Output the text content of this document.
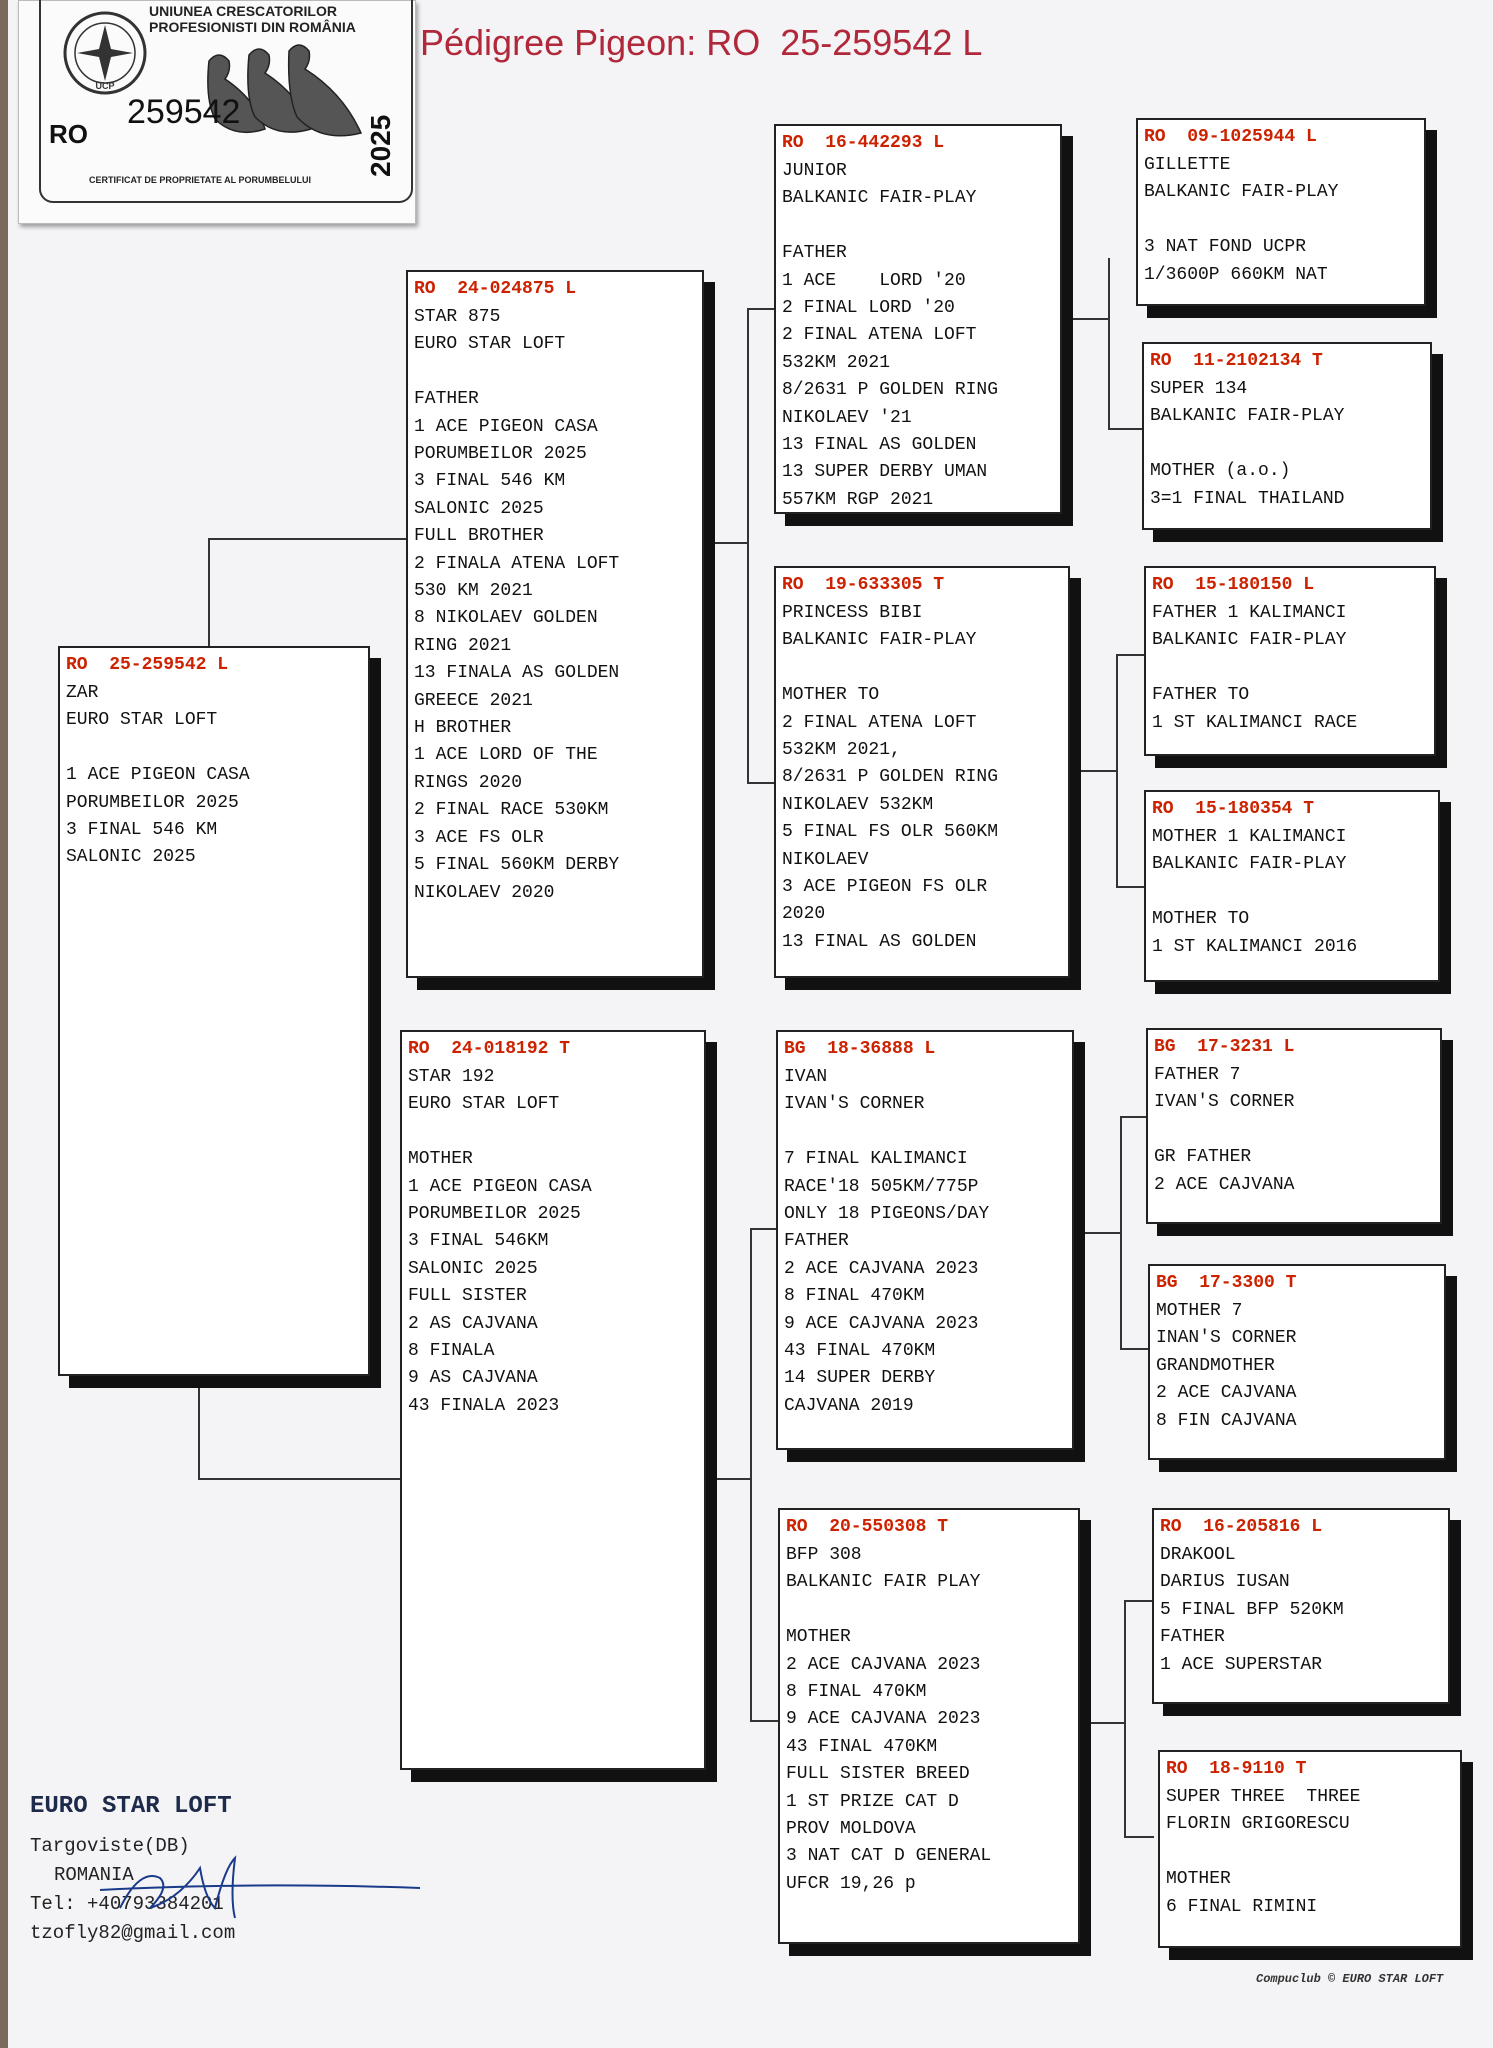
UCP
UNIUNEA CRESCATORILOR
PROFESIONISTI DIN ROMÂNIA
259542
RO	2025
CERTIFICAT DE PROPRIETATE AL PORUMBELULUI
Pédigree Pigeon: RO  25-259542 L
RO  25-259542 L
ZAR
EURO STAR LOFT
1 ACE PIGEON CASA
PORUMBEILOR 2025
3 FINAL 546 KM
SALONIC 2025
RO  24-024875 L
STAR 875
EURO STAR LOFT
FATHER
1 ACE PIGEON CASA
PORUMBEILOR 2025
3 FINAL 546 KM
SALONIC 2025
FULL BROTHER
2 FINALA ATENA LOFT
530 KM 2021
8 NIKOLAEV GOLDEN
RING 2021
13 FINALA AS GOLDEN
GREECE 2021
H BROTHER
1 ACE LORD OF THE
RINGS 2020
2 FINAL RACE 530KM
3 ACE FS OLR
5 FINAL 560KM DERBY
NIKOLAEV 2020
RO  24-018192 T
STAR 192
EURO STAR LOFT
MOTHER
1 ACE PIGEON CASA
PORUMBEILOR 2025
3 FINAL 546KM
SALONIC 2025
FULL SISTER
2 AS CAJVANA
8 FINALA
9 AS CAJVANA
43 FINALA 2023
RO  16-442293 L
JUNIOR
BALKANIC FAIR-PLAY
FATHER
1 ACE    LORD '20
2 FINAL LORD '20
2 FINAL ATENA LOFT
532KM 2021
8/2631 P GOLDEN RING
NIKOLAEV '21
13 FINAL AS GOLDEN
13 SUPER DERBY UMAN
557KM RGP 2021
RO  19-633305 T
PRINCESS BIBI
BALKANIC FAIR-PLAY
MOTHER TO
2 FINAL ATENA LOFT
532KM 2021,
8/2631 P GOLDEN RING
NIKOLAEV 532KM
5 FINAL FS OLR 560KM
NIKOLAEV
3 ACE PIGEON FS OLR
2020
13 FINAL AS GOLDEN
BG  18-36888 L
IVAN
IVAN'S CORNER
7 FINAL KALIMANCI
RACE'18 505KM/775P
ONLY 18 PIGEONS/DAY
FATHER
2 ACE CAJVANA 2023
8 FINAL 470KM
9 ACE CAJVANA 2023
43 FINAL 470KM
14 SUPER DERBY
CAJVANA 2019
RO  20-550308 T
BFP 308
BALKANIC FAIR PLAY
MOTHER
2 ACE CAJVANA 2023
8 FINAL 470KM
9 ACE CAJVANA 2023
43 FINAL 470KM
FULL SISTER BREED
1 ST PRIZE CAT D
PROV MOLDOVA
3 NAT CAT D GENERAL
UFCR 19,26 p
RO  09-1025944 L
GILLETTE
BALKANIC FAIR-PLAY
3 NAT FOND UCPR
1/3600P 660KM NAT
RO  11-2102134 T
SUPER 134
BALKANIC FAIR-PLAY
MOTHER (a.o.)
3=1 FINAL THAILAND
RO  15-180150 L
FATHER 1 KALIMANCI
BALKANIC FAIR-PLAY
FATHER TO
1 ST KALIMANCI RACE
RO  15-180354 T
MOTHER 1 KALIMANCI
BALKANIC FAIR-PLAY
MOTHER TO
1 ST KALIMANCI 2016
BG  17-3231 L
FATHER 7
IVAN'S CORNER
GR FATHER
2 ACE CAJVANA
BG  17-3300 T
MOTHER 7
INAN'S CORNER
GRANDMOTHER
2 ACE CAJVANA
8 FIN CAJVANA
RO  16-205816 L
DRAKOOL
DARIUS IUSAN
5 FINAL BFP 520KM
FATHER
1 ACE SUPERSTAR
RO  18-9110 T
SUPER THREE  THREE
FLORIN GRIGORESCU
MOTHER
6 FINAL RIMINI
EURO STAR LOFT
Targoviste(DB)
ROMANIA
Tel: +40793384201
tzofly82@gmail.com
Compuclub © EURO STAR LOFT
